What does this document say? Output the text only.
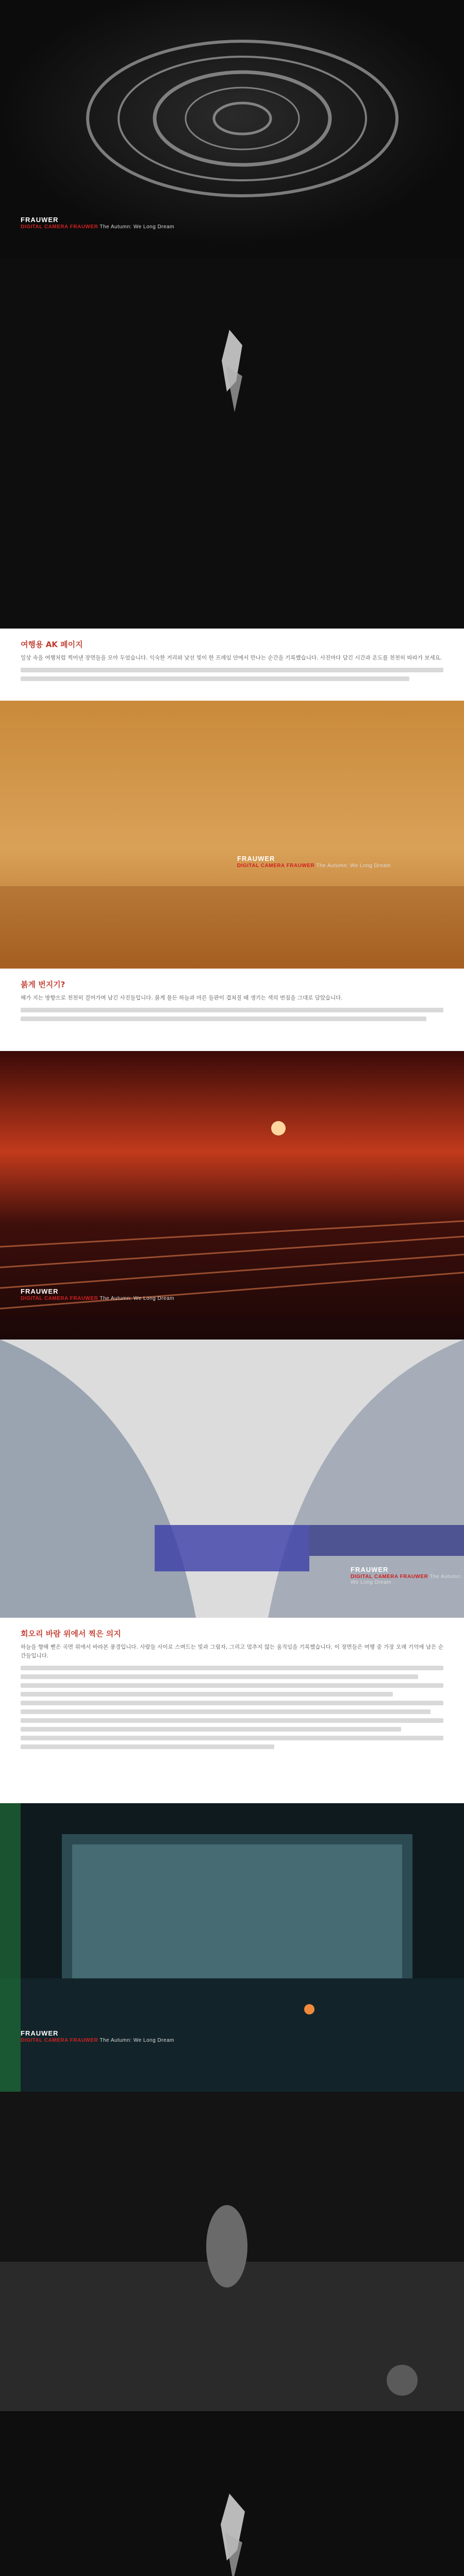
FRAUWER
DIGITAL CAMERA FRAUWER The Autumn: We Long Dream
여행용 AK 페이지
일상 속을 여행처럼 찍어낸 장면들을 모아 두었습니다. 익숙한 거리와 낯선 빛이 한 프레임 안에서 만나는 순간을 기록했습니다. 사진마다 담긴 시간과 온도를 천천히 따라가 보세요.
FRAUWER
DIGITAL CAMERA FRAUWER The Autumn: We Long Dream
붉게 번지기?
해가 지는 방향으로 천천히 걸어가며 남긴 사진들입니다. 붉게 물든 하늘과 마른 들판이 겹쳐질 때 생기는 색의 번짐을 그대로 담았습니다.
FRAUWER
DIGITAL CAMERA FRAUWER The Autumn: We Long Dream
FRAUWER
DIGITAL CAMERA FRAUWER The Autumn: We Long Dream
회오리 바람 위에서 찍은 의지
하늘을 향해 뻗은 곡면 위에서 바라본 풍경입니다. 사람들 사이로 스며드는 빛과 그림자, 그리고 멈추지 않는 움직임을 기록했습니다. 이 장면들은 여행 중 가장 오래 기억에 남은 순간들입니다.
FRAUWER
DIGITAL CAMERA FRAUWER The Autumn: We Long Dream
